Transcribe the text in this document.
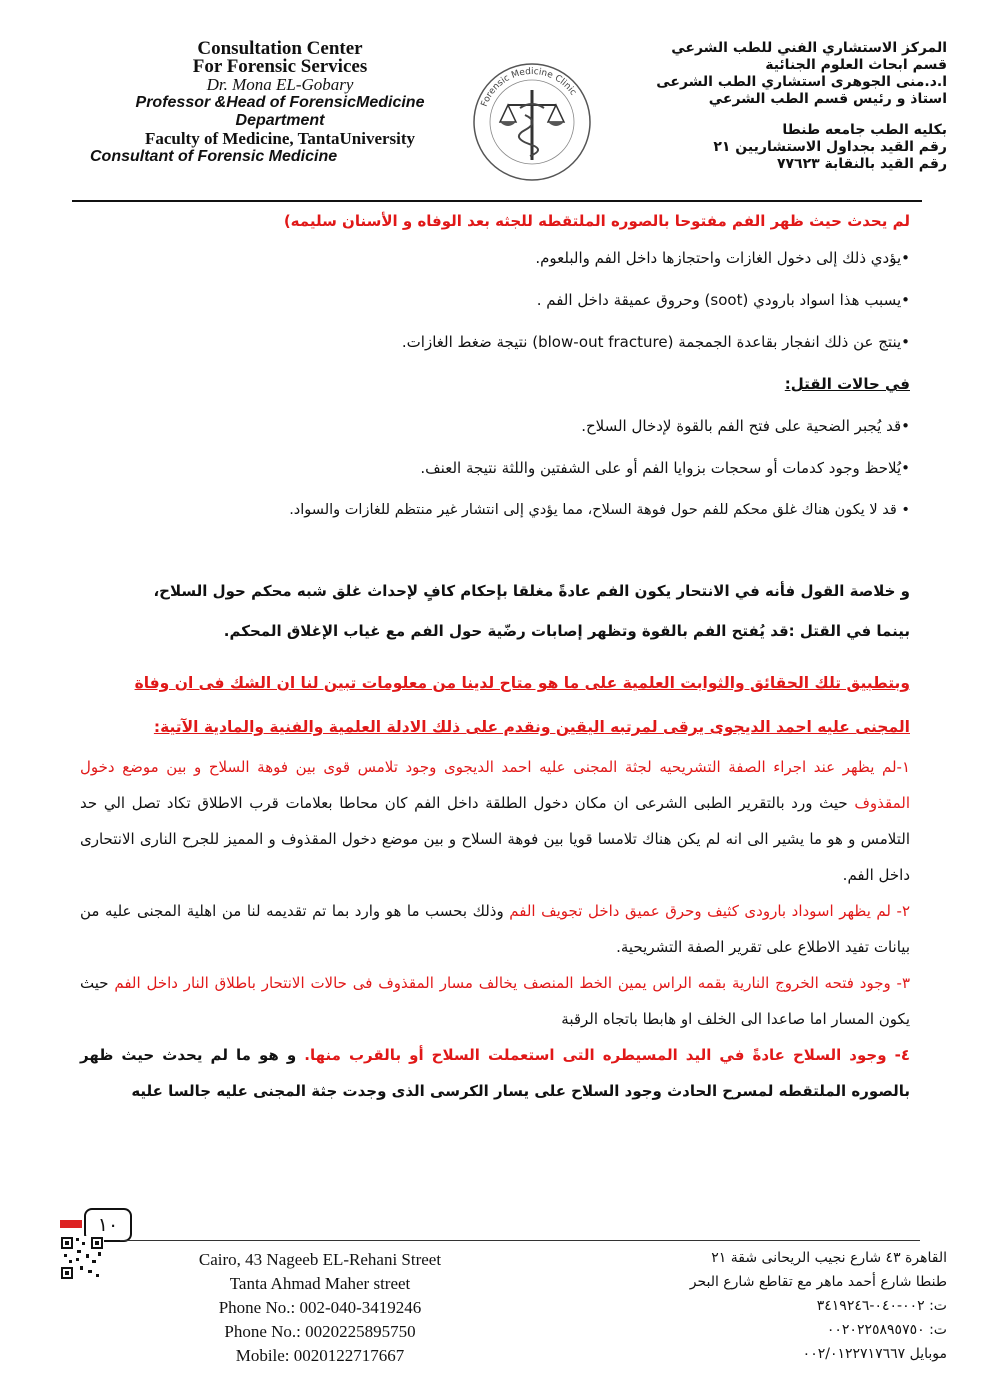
Consultation Center
For Forensic Services
Dr. Mona EL-Gobary
Professor &Head of ForensicMedicine
Department
Faculty of Medicine, TantaUniversity
Consultant of Forensic Medicine
Forensic Medicine Clinic
المركز الاستشاري الفني للطب الشرعي
قسم ابحاث العلوم الجنائية
ا.د.منى الجوهرى استشاري الطب الشرعى
استاذ و رئيس قسم الطب الشرعي
بكليه الطب جامعه طنطا
رقم القيد بجداول الاستشاريين ٢١
رقم القيد بالنقابة ٧٧٦٢٣

لم يحدث حيث ظهر الفم مفتوحا بالصوره الملتقطه للجثه بعد الوفاه و الأسنان سليمه)

•يؤدي ذلك إلى دخول الغازات واحتجازها داخل الفم والبلعوم.

•يسبب هذا اسواد بارودي (soot) وحروق عميقة داخل الفم .

•ينتج عن ذلك انفجار بقاعدة الجمجمة (blow-out fracture) نتيجة ضغط الغازات.

في حالات القتل:

•قد يُجبر الضحية على فتح الفم بالقوة لإدخال السلاح.

•يُلاحظ وجود كدمات أو سحجات بزوايا الفم أو على الشفتين واللثة نتيجة العنف.

• قد لا يكون هناك غلق محكم للفم حول فوهة السلاح، مما يؤدي إلى انتشار غير منتظم للغازات والسواد.

و خلاصة القول فأنه في الانتحار يكون الفم عادةً مغلقا بإحكام كافٍ لإحداث غلق شبه محكم حول السلاح،

بينما في القتل :قد يُفتح الفم بالقوة وتظهر إصابات رضّية حول الفم مع غياب الإغلاق المحكم.

وبتطبيق تلك الحقائق والثوابت العلمية على ما هو متاح لدينا من معلومات تبين لنا ان الشك فى ان وفاة

المجنى عليه احمد الديجوى يرقى لمرتبه اليقين ونقدم على ذلك الادلة العلمية والفنية والمادية الآتية:

١-لم يظهر عند اجراء الصفة التشريحيه لجثة المجنى عليه احمد الديجوى وجود تلامس قوى بين فوهة السلاح و بين موضع دخول المقذوف حيث ورد بالتقرير الطبى الشرعى ان مكان دخول الطلقة داخل الفم كان محاطا بعلامات قرب الاطلاق تكاد تصل الي حد التلامس و هو ما يشير الى انه لم يكن هناك تلامسا قويا بين فوهة السلاح و بين موضع دخول المقذوف و المميز للجرح النارى الانتحارى داخل الفم.

٢- لم يظهر اسوداد بارودى كثيف وحرق عميق داخل تجويف الفم وذلك بحسب ما هو وارد بما تم تقديمه لنا من اهلية المجنى عليه من بيانات تفيد الاطلاع على تقرير الصفة التشريحية.

٣- وجود فتحه الخروج النارية بقمه الراس يمين الخط المنصف يخالف مسار المقذوف فى حالات الانتحار باطلاق النار داخل الفم حيث يكون المسار اما صاعدا الى الخلف او هابطا باتجاه الرقبة

٤- وجود السلاح عادةً في اليد المسيطره التى استعملت السلاح أو بالقرب منها. و هو ما لم يحدث حيث ظهر بالصوره الملتقطه لمسرح الحادث وجود السلاح على يسار الكرسى الذى وجدت جثة المجنى عليه جالسا عليه

١٠
Cairo, 43 Nageeb EL-Rehani Street
Tanta Ahmad Maher street
Phone No.: 002-040-3419246
Phone No.: 0020225895750
Mobile: 0020122717667
القاهرة ٤٣ شارع نجيب الريحانى شقة ٢١
طنطا شارع أحمد ماهر مع تقاطع شارع البحر
ت: ٠٠٢-٠٤٠-٣٤١٩٢٤٦
ت: ٠٠٢٠٢٢٥٨٩٥٧٥٠
موبايل ٠٠٢/٠١٢٢٧١٧٦٦٧
